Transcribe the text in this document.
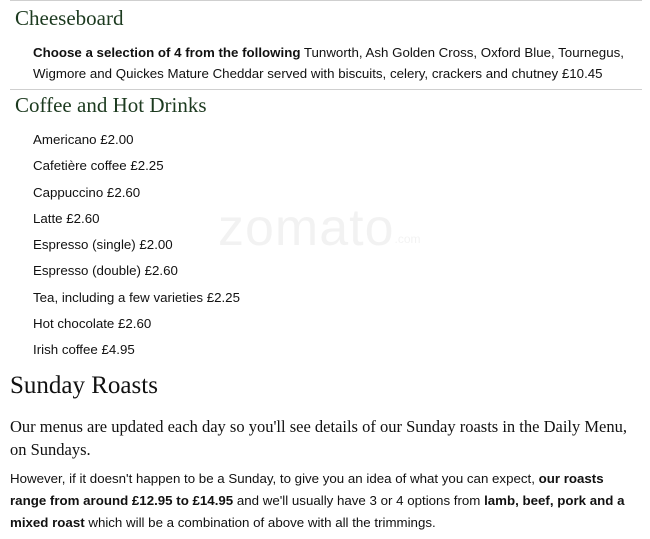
Cheeseboard
Choose a selection of 4 from the following Tunworth, Ash Golden Cross, Oxford Blue, Tournegus, Wigmore and Quickes Mature Cheddar served with biscuits, celery, crackers and chutney £10.45
Coffee and Hot Drinks
Americano £2.00
Cafetière coffee £2.25
Cappuccino £2.60
Latte £2.60
Espresso (single) £2.00
Espresso (double) £2.60
Tea, including a few varieties £2.25
Hot chocolate £2.60
Irish coffee £4.95
zomato.com
Sunday Roasts
Our menus are updated each day so you'll see details of our Sunday roasts in the Daily Menu, on Sundays.
However, if it doesn't happen to be a Sunday, to give you an idea of what you can expect, our roasts range from around £12.95 to £14.95 and we'll usually have 3 or 4 options from lamb, beef, pork and a mixed roast which will be a combination of above with all the trimmings.
